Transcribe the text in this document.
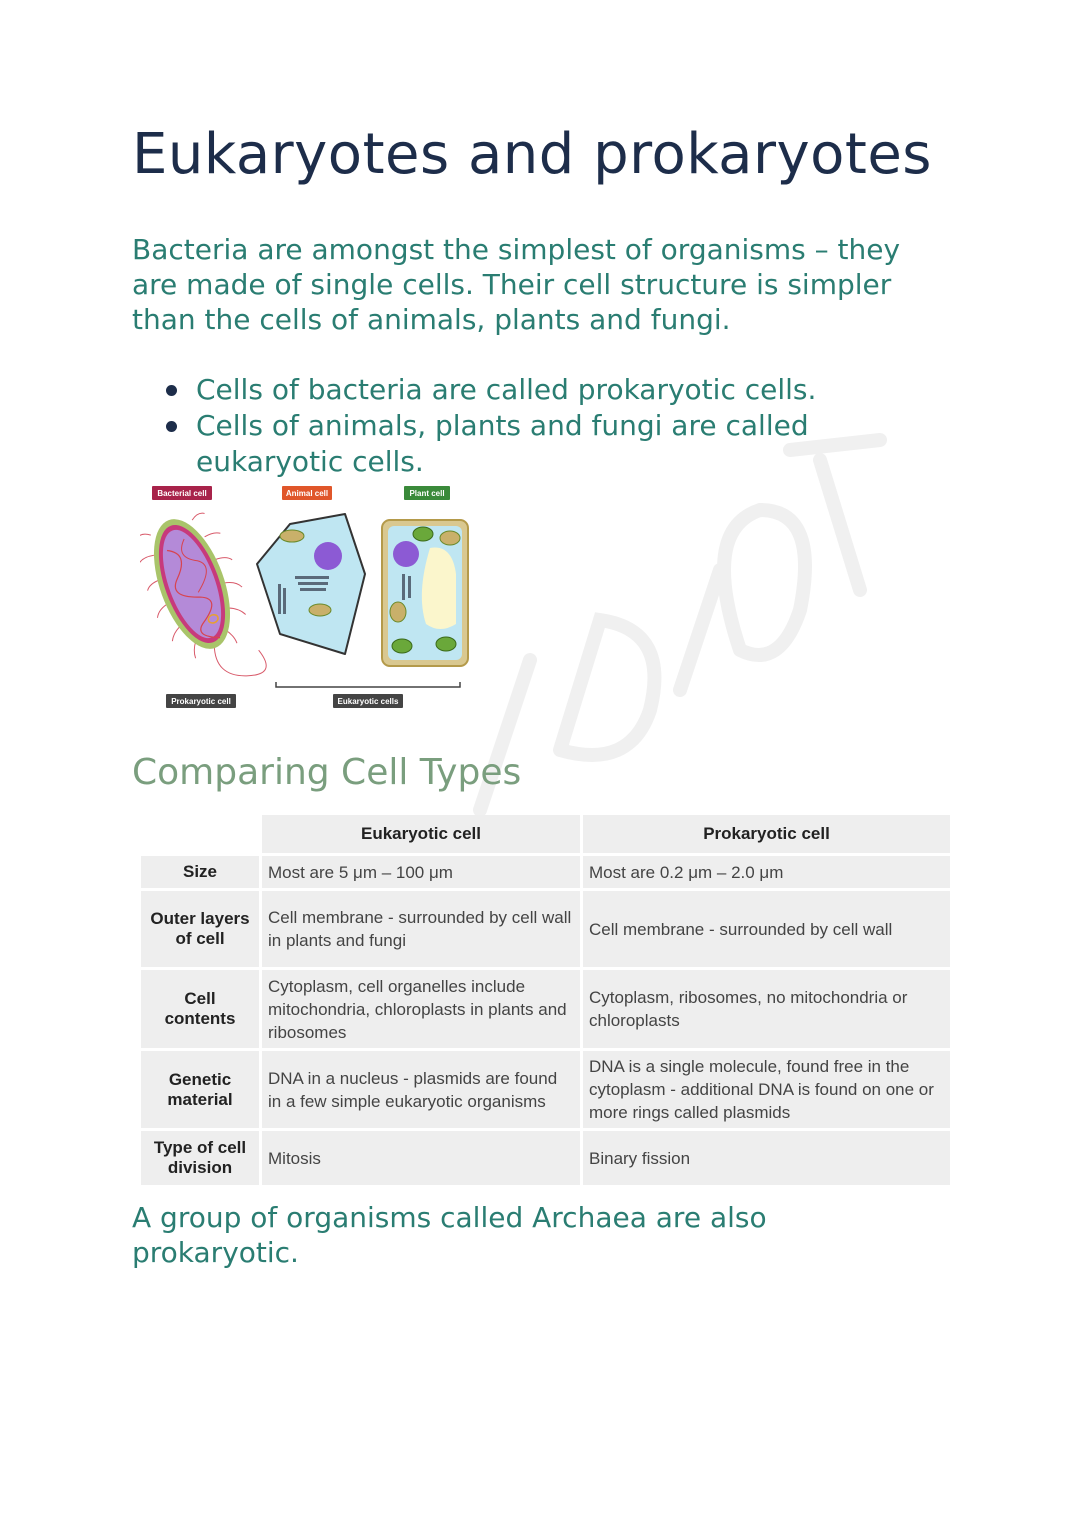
Eukaryotes and prokaryotes

Bacteria are amongst the simplest of organisms – they are made of single cells. Their cell structure is simpler than the cells of animals, plants and fungi.

Cells of bacteria are called prokaryotic cells.
Cells of animals, plants and fungi are called eukaryotic cells.
Bacterial cell	Animal cell	Plant cell
Prokaryotic cell	Eukaryotic cells
Comparing Cell Types
	Eukaryotic cell	Prokaryotic cell
Size	Most are 5 μm – 100 μm	Most are 0.2 μm – 2.0 μm
Outer layers of cell	Cell membrane - surrounded by cell wall in plants and fungi	Cell membrane - surrounded by cell wall
Cell contents	Cytoplasm, cell organelles include mitochondria, chloroplasts in plants and ribosomes	Cytoplasm, ribosomes, no mitochondria or chloroplasts
Genetic material	DNA in a nucleus - plasmids are found in a few simple eukaryotic organisms	DNA is a single molecule, found free in the cytoplasm - additional DNA is found on one or more rings called plasmids
Type of cell division	Mitosis	Binary fission

A group of organisms called Archaea are also prokaryotic.
